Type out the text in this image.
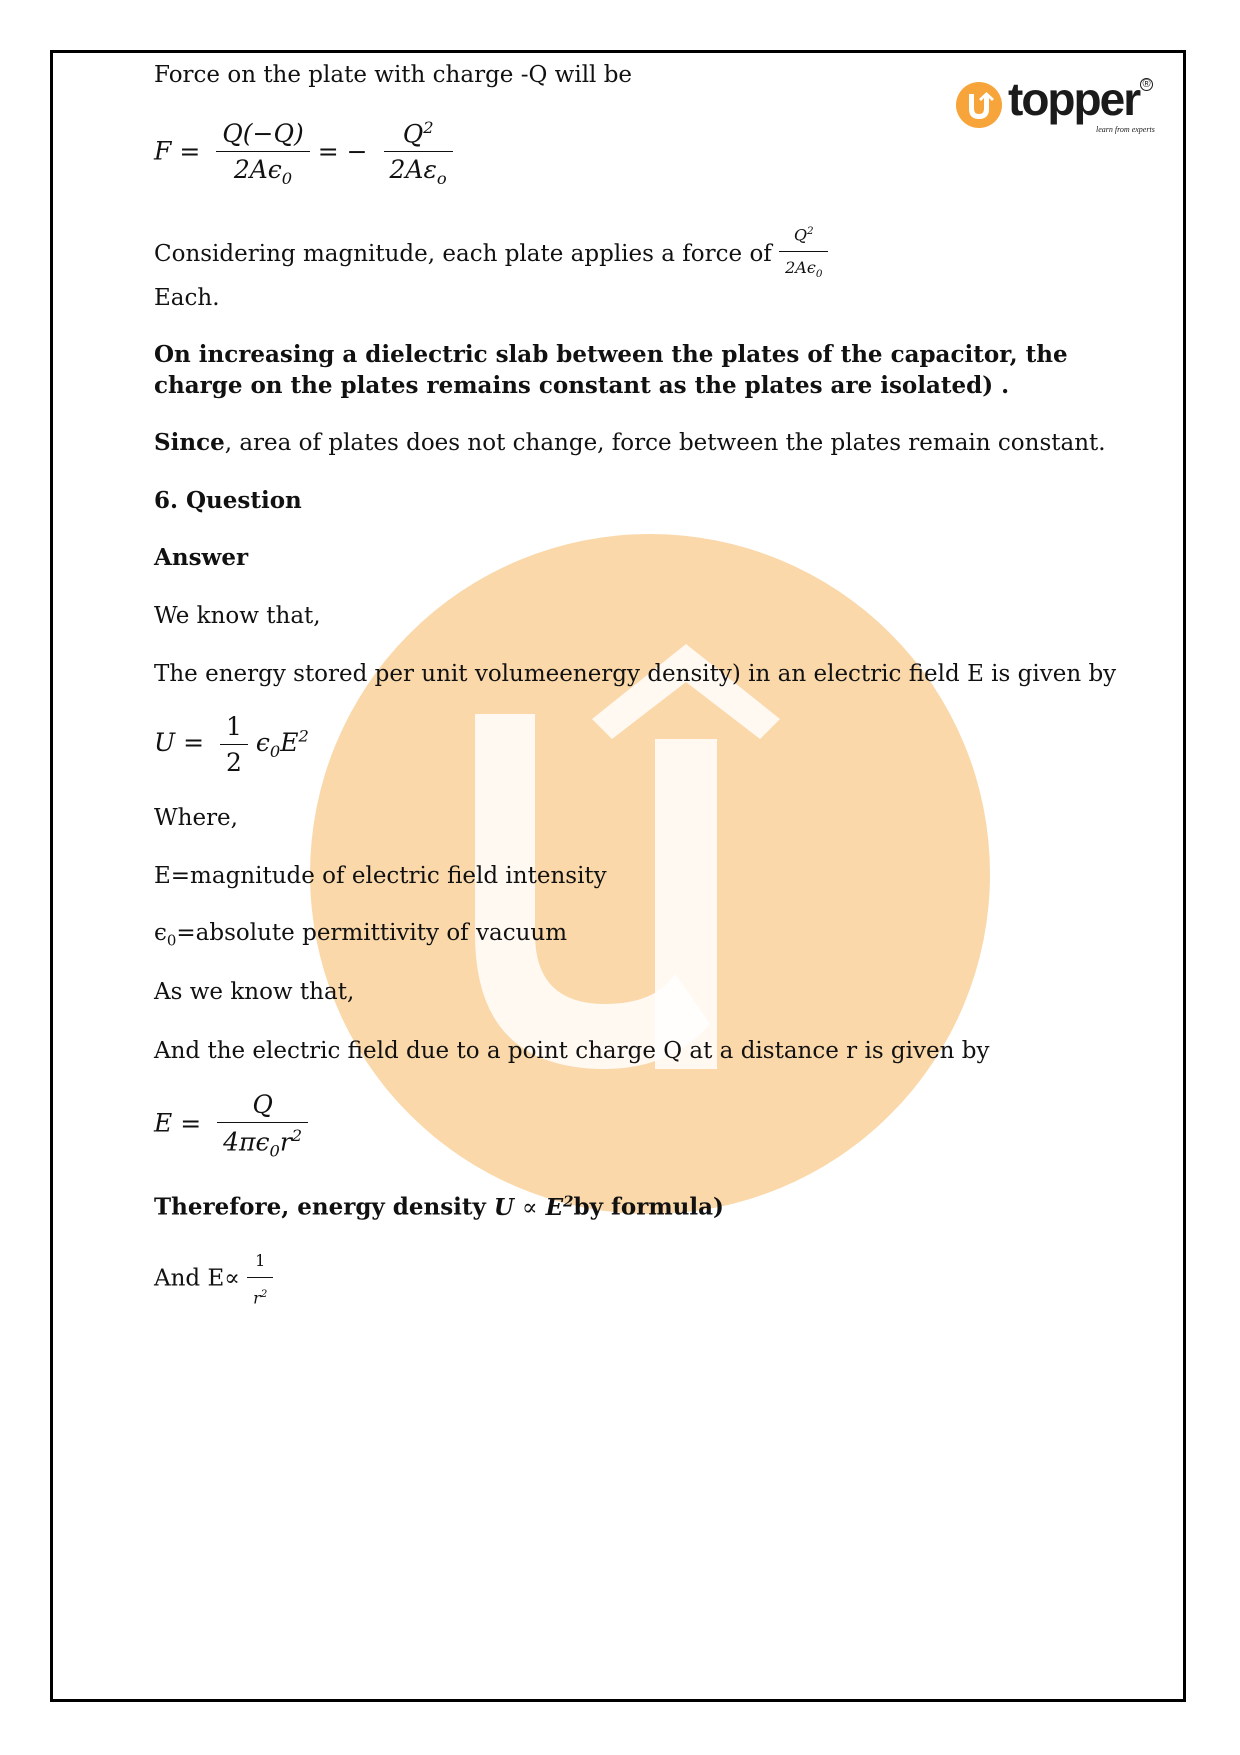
topper ®
learn from experts
Force on the plate with charge -Q will be
$F = \frac{Q(-Q)}{2A\epsilon_0}$ = − $\frac{Q^2}{2A\varepsilon_o}$
Considering magnitude, each plate applies a force of $\frac{Q^2}{2A\epsilon_0}$
Each.
On increasing a dielectric slab between the plates of the capacitor, the
charge on the plates remains constant as the plates are isolated) .
Since, area of plates does not change, force between the plates remain constant.
6. Question
Answer
We know that,
The energy stored per unit volumeenergy density) in an electric field E is given by
$U = \frac{1}{2} \epsilon_0E^2$
Where,
E=magnitude of electric field intensity
$\epsilon_0=absolute$ permittivity of vacuum
As we know that,
And the electric field due to a point charge Q at a distance r is given by
$E = \frac{Q}{4\pi\epsilon_0r^2}$
Therefore, energy density $U \propto E^2by$ formula)
And $E\propto \frac{1}{r^2}$
